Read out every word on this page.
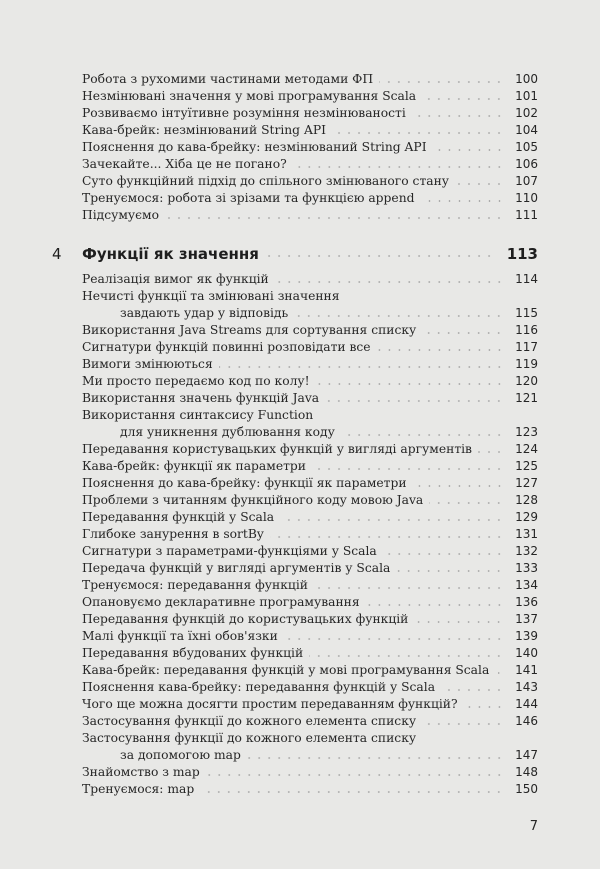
Робота з рухомими частинами методами ФП	100
Незмінювані значення у мові програмування Scala	101
Розвиваємо інтуїтивне розуміння незмінюваності	102
Кава-брейк: незмінюваний String API	104
Пояснення до кава-брейку: незмінюваний String API	105
Зачекайте... Хіба це не погано?	106
Суто функційний підхід до спільного змінюваного стану	107
Тренуємося: робота зі зрізами та функцією append	110
Підсумуємо	111
4	Функції як значення	113
Реалізація вимог як функцій	114
Нечисті функції та змінювані значення
завдають удар у відповідь	115
Використання Java Streams для сортування списку	116
Сигнатури функцій повинні розповідати все	117
Вимоги змінюються	119
Ми просто передаємо код по колу!	120
Використання значень функцій Java	121
Використання синтаксису Function
для уникнення дублювання коду	123
Передавання користувацьких функцій у вигляді аргументів	124
Кава-брейк: функції як параметри	125
Пояснення до кава-брейку: функції як параметри	127
Проблеми з читанням функційного коду мовою Java	128
Передавання функцій у Scala	129
Глибоке занурення в sortBy	131
Сигнатури з параметрами-функціями у Scala	132
Передача функцій у вигляді аргументів у Scala	133
Тренуємося: передавання функцій	134
Опановуємо декларативне програмування	136
Передавання функцій до користувацьких функцій	137
Малі функції та їхні обов'язки	139
Передавання вбудованих функцій	140
Кава-брейк: передавання функцій у мові програмування Scala	141
Пояснення кава-брейку: передавання функцій у Scala	143
Чого ще можна досягти простим передаванням функцій?	144
Застосування функції до кожного елемента списку	146
Застосування функції до кожного елемента списку
за допомогою map	147
Знайомство з map	148
Тренуємося: map	150
7
